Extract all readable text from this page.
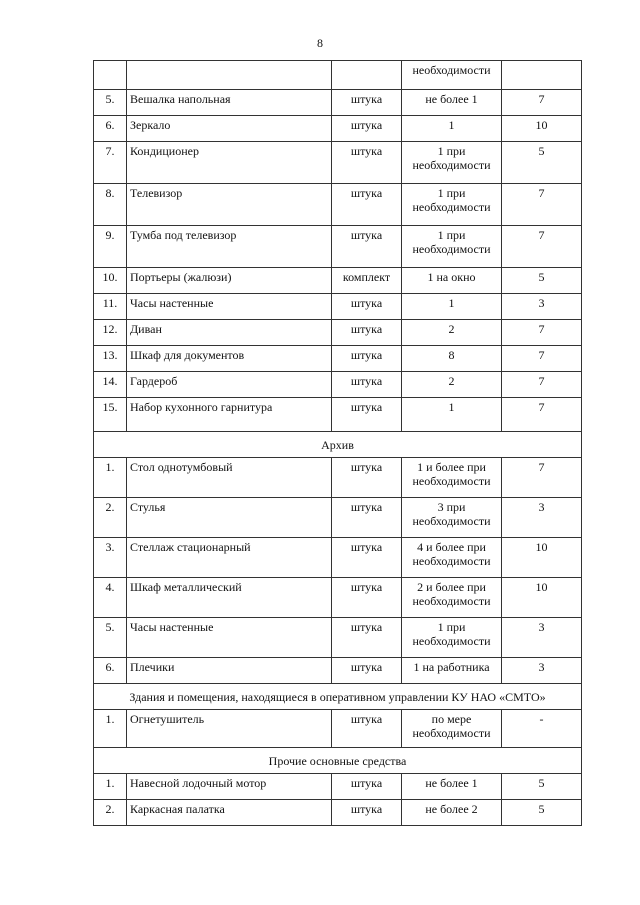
8
			необходимости	
5.	Вешалка напольная	штука	не более 1	7
6.	Зеркало	штука	1	10
7.	Кондиционер	штука	1 при необходимости	5
8.	Телевизор	штука	1 при необходимости	7
9.	Тумба под телевизор	штука	1 при необходимости	7
10.	Портьеры (жалюзи)	комплект	1 на окно	5
11.	Часы настенные	штука	1	3
12.	Диван	штука	2	7
13.	Шкаф для документов	штука	8	7
14.	Гардероб	штука	2	7
15.	Набор кухонного гарнитура	штука	1	7
Архив				
1.	Стол однотумбовый	штука	1 и более при необходимости	7
2.	Стулья	штука	3 при необходимости	3
3.	Стеллаж стационарный	штука	4 и более при необходимости	10
4.	Шкаф металлический	штука	2 и более при необходимости	10
5.	Часы настенные	штука	1 при необходимости	3
6.	Плечики	штука	1 на работника	3
Здания и помещения, находящиеся в оперативном управлении КУ НАО «СМТО»				
1.	Огнетушитель	штука	по мере необходимости	-
Прочие основные средства				
1.	Навесной лодочный мотор	штука	не более 1	5
2.	Каркасная палатка	штука	не более 2	5
